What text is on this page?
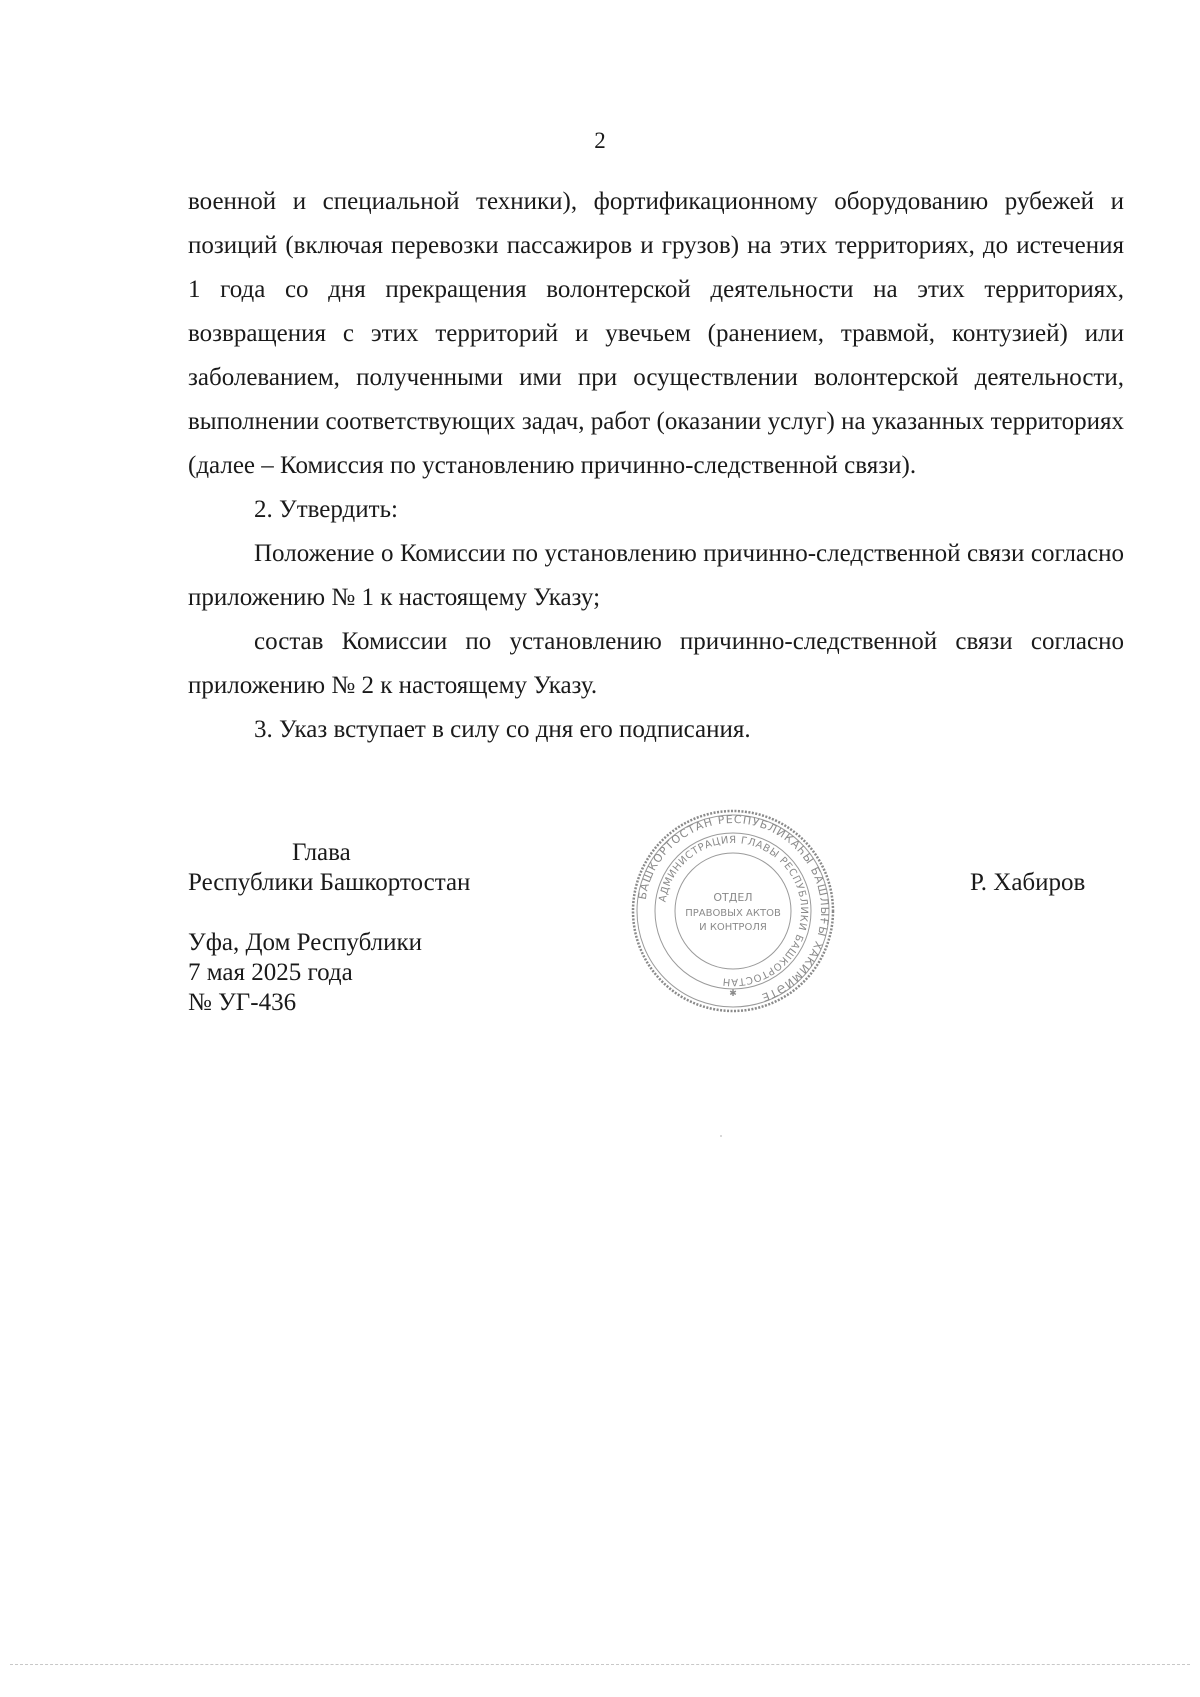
2

военной и специальной техники), фортификационному оборудованию рубежей и позиций (включая перевозки пассажиров и грузов) на этих территориях, до истечения 1 года со дня прекращения волонтерской деятельности на этих территориях, возвращения с этих территорий и увечьем (ранением, травмой, контузией) или заболеванием, полученными ими при осуществлении волонтерской деятельности, выполнении соответствующих задач, работ (оказании услуг) на указанных территориях (далее – Комиссия по установлению причинно-следственной связи).

2. Утвердить:

Положение о Комиссии по установлению причинно-следственной связи согласно приложению № 1 к настоящему Указу;

состав Комиссии по установлению причинно-следственной связи согласно приложению № 2 к настоящему Указу.

3. Указ вступает в силу со дня его подписания.

Глава
Республики Башкортостан	Р. Хабиров
Уфа, Дом Республики
7 мая 2025 года
№ УГ-436
БАШКОРТОСТАН РЕСПУБЛИКАҺЫ БАШЛЫҒЫ ХАКИМИӘТЕ
АДМИНИСТРАЦИЯ ГЛАВЫ РЕСПУБЛИКИ БАШКОРТОСТАН
ОТДЕЛ
ПРАВОВЫХ АКТОВ
И КОНТРОЛЯ
✱
